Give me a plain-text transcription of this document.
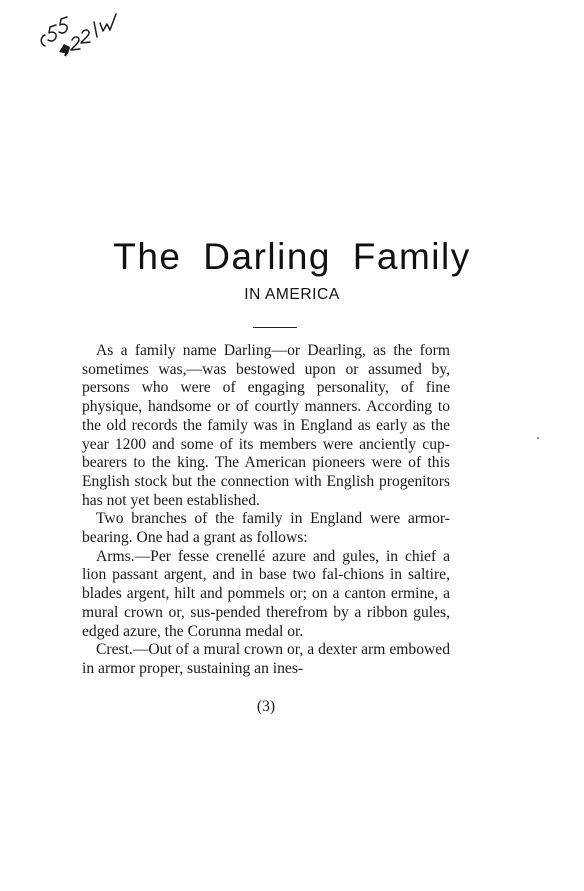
The Darling Family
IN AMERICA

As a family name Darling—or Dearling, as the form sometimes was,—was bestowed upon or assumed by, persons who were of engaging personality, of fine physique, handsome or of courtly manners. According to the old records the family was in England as early as the year 1200 and some of its members were anciently cup-bearers to the king. The American pioneers were of this English stock but the connection with English progenitors has not yet been established.

Two branches of the family in England were armor-bearing. One had a grant as follows:

Arms.—Per fesse crenellé azure and gules, in chief a lion passant argent, and in base two fal-chions in saltire, blades argent, hilt and pommels or; on a canton ermine, a mural crown or, sus-pended therefrom by a ribbon gules, edged azure, the Corunna medal or.

Crest.—Out of a mural crown or, a dexter arm embowed in armor proper, sustaining an ines-

(3)
